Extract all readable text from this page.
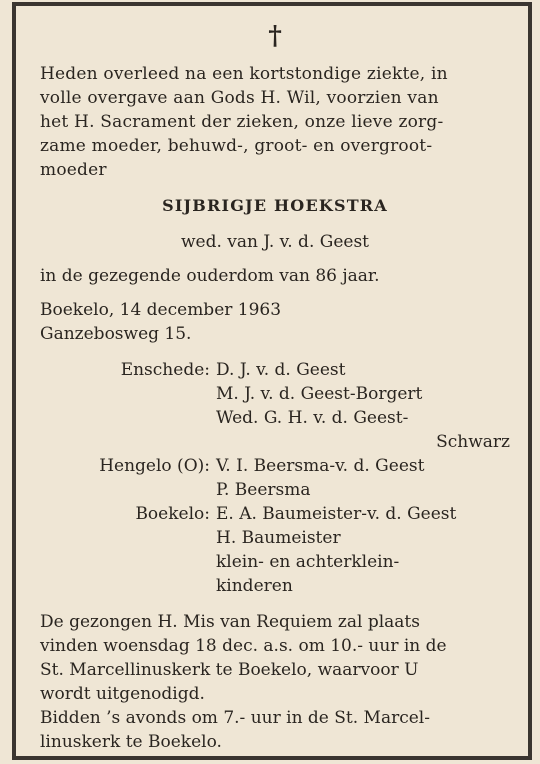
†
Heden overleed na een kortstondige ziekte, in
volle overgave aan Gods H. Wil, voorzien van
het H. Sacrament der zieken, onze lieve zorg-
zame moeder, behuwd-, groot- en overgroot-
moeder
SIJBRIGJE HOEKSTRA
wed. van J. v. d. Geest
in de gezegende ouderdom van 86 jaar.
Boekelo, 14 december 1963
Ganzebosweg 15.
Enschede: D. J. v. d. Geest
M. J. v. d. Geest-Borgert
Wed. G. H. v. d. Geest-
Schwarz
Hengelo (O): V. I. Beersma-v. d. Geest
P. Beersma
Boekelo: E. A. Baumeister-v. d. Geest
H. Baumeister
klein- en achterklein-
kinderen
De gezongen H. Mis van Requiem zal plaats
vinden woensdag 18 dec. a.s. om 10.- uur in de
St. Marcellinuskerk te Boekelo, waarvoor U
wordt uitgenodigd.
Bidden ’s avonds om 7.- uur in de St. Marcel-
linuskerk te Boekelo.
